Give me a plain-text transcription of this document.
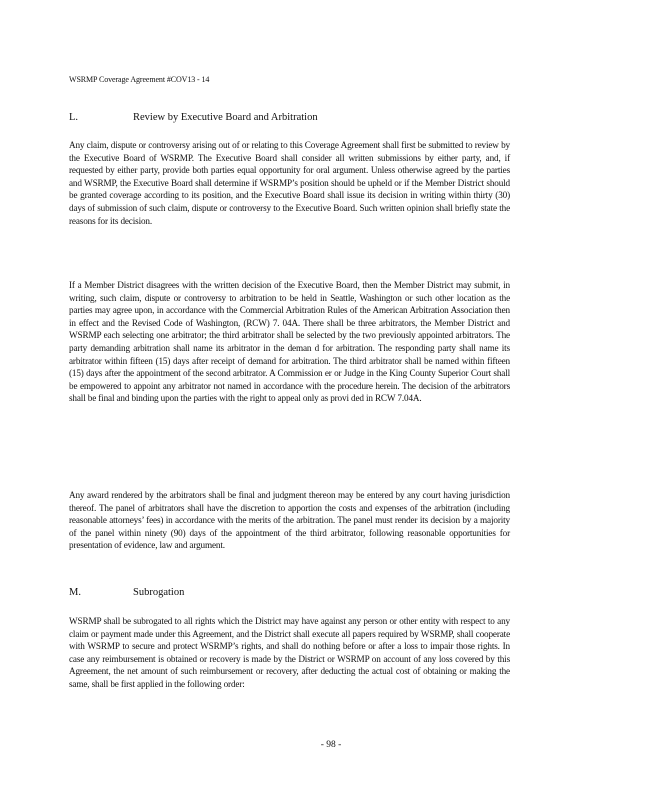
WSRMP Coverage Agreement #COV13 - 14
L.	Review by Executive Board and Arbitration
Any claim, dispute or controversy arising out of or relating to this Coverage Agreement shall first be submitted to review by the Executive Board of WSRMP. The Executive Board shall consider all written submissions by either party, and, if requested by either party, provide both parties equal opportunity for oral argument. Unless otherwise agreed by the parties and WSRMP, the Executive Board shall determine if WSRMP’s position should be upheld or if the Member District should be granted coverage according to its position, and the Executive Board shall issue its decision in writing within thirty (30) days of submission of such claim, dispute or controversy to the Executive Board. Such written opinion shall briefly state the reasons for its decision.
If a Member District disagrees with the written decision of the Executive Board, then the Member District may submit, in writing, such claim, dispute or controversy to arbitration to be held in Seattle, Washington or such other location as the parties may agree upon, in accordance with the Commercial Arbitration Rules of the American Arbitration Association then in effect and the Revised Code of Washington, (RCW) 7. 04A. There shall be three arbitrators, the Member District and WSRMP each selecting one arbitrator; the third arbitrator shall be selected by the two previously appointed arbitrators. The party demanding arbitration shall name its arbitrator in the deman d for arbitration. The responding party shall name its arbitrator within fifteen (15) days after receipt of demand for arbitration. The third arbitrator shall be named within fifteen (15) days after the appointment of the second arbitrator. A Commission er or Judge in the King County Superior Court shall be empowered to appoint any arbitrator not named in accordance with the procedure herein. The decision of the arbitrators shall be final and binding upon the parties with the right to appeal only as provi ded in RCW 7.04A.
Any award rendered by the arbitrators shall be final and judgment thereon may be entered by any court having jurisdiction thereof. The panel of arbitrators shall have the discretion to apportion the costs and expenses of the arbitration (including reasonable attorneys’ fees) in accordance with the merits of the arbitration. The panel must render its decision by a majority of the panel within ninety (90) days of the appointment of the third arbitrator, following reasonable opportunities for presentation of evidence, law and argument.
M.	Subrogation
WSRMP shall be subrogated to all rights which the District may have against any person or other entity with respect to any claim or payment made under this Agreement, and the District shall execute all papers required by WSRMP, shall cooperate with WSRMP to secure and protect WSRMP’s rights, and shall do nothing before or after a loss to impair those rights. In case any reimbursement is obtained or recovery is made by the District or WSRMP on account of any loss covered by this Agreement, the net amount of such reimbursement or recovery, after deducting the actual cost of obtaining or making the same, shall be first applied in the following order:
- 98 -
